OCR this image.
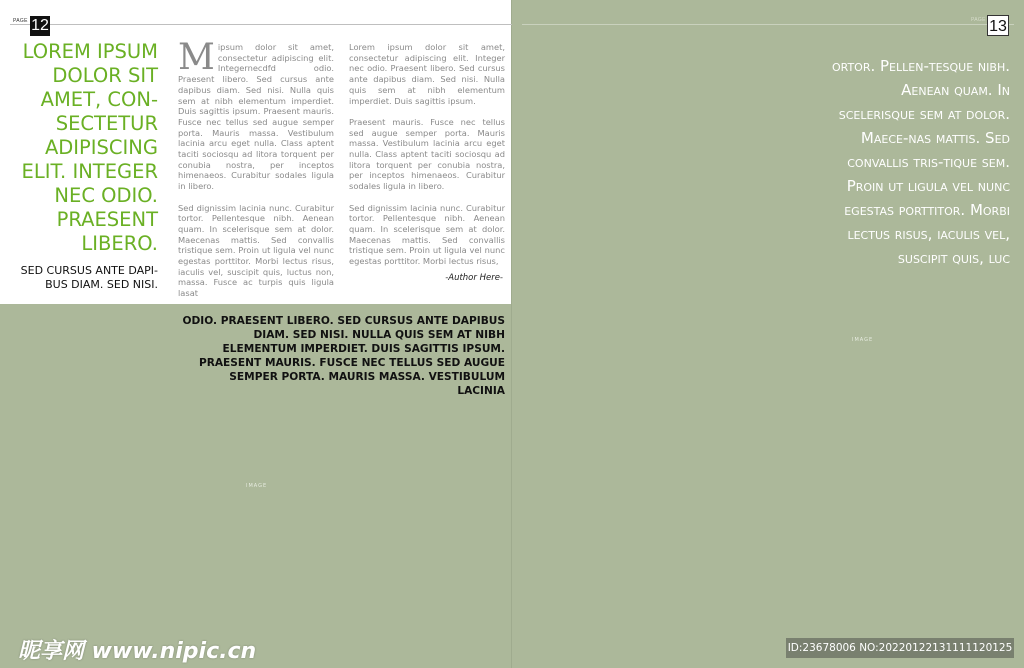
PAGE 12	PAGE 13
LOREM IPSUM DOLOR SIT AMET, CON-SECTETUR ADIPISCING ELIT. INTEGER NEC ODIO. PRAESENT LIBERO.
SED CURSUS ANTE DAPI-BUS DIAM. SED NISI.

Mipsum dolor sit amet, consectetur adipiscing elit. Integernecdfd odio. Praesent libero. Sed cursus ante dapibus diam. Sed nisi. Nulla quis sem at nibh elementum imperdiet. Duis sagittis ipsum. Praesent mauris. Fusce nec tellus sed augue semper porta. Mauris massa. Vestibulum lacinia arcu eget nulla. Class aptent taciti sociosqu ad litora torquent per conubia nostra, per inceptos himenaeos. Curabitur sodales ligula in libero.

Sed dignissim lacinia nunc. Curabitur tortor. Pellentesque nibh. Aenean quam. In scelerisque sem at dolor. Maecenas mattis. Sed convallis tristique sem. Proin ut ligula vel nunc egestas porttitor. Morbi lectus risus, iaculis vel, suscipit quis, luctus non, massa. Fusce ac turpis quis ligula lasat

Lorem ipsum dolor sit amet, consectetur adipiscing elit. Integer nec odio. Praesent libero. Sed cursus ante dapibus diam. Sed nisi. Nulla quis sem at nibh elementum imperdiet. Duis sagittis ipsum.

Praesent mauris. Fusce nec tellus sed augue semper porta. Mauris massa. Vestibulum lacinia arcu eget nulla. Class aptent taciti sociosqu ad litora torquent per conubia nostra, per inceptos himenaeos. Curabitur sodales ligula in libero.

Sed dignissim lacinia nunc. Curabitur tortor. Pellentesque nibh. Aenean quam. In scelerisque sem at dolor. Maecenas mattis. Sed convallis tristique sem. Proin ut ligula vel nunc egestas porttitor. Morbi lectus risus,

-Author Here-
ODIO. PRAESENT LIBERO. SED CURSUS ANTE DAPIBUS DIAM. SED NISI. NULLA QUIS SEM AT NIBH ELEMENTUM IMPERDIET. DUIS SAGITTIS IPSUM. PRAESENT MAURIS. FUSCE NEC TELLUS SED AUGUE SEMPER PORTA. MAURIS MASSA. VESTIBULUM LACINIA
IMAGE
IMAGE
ortor. Pellen-tesque nibh. Aenean quam. In scelerisque sem at dolor. Maece-nas mattis. Sed convallis tris-tique sem. Proin ut ligula vel nunc egestas porttitor. Morbi lectus risus, iaculis vel, suscipit quis, luc
昵享网 www.nipic.cn	ID:23678006 NO:20220122131111120125
